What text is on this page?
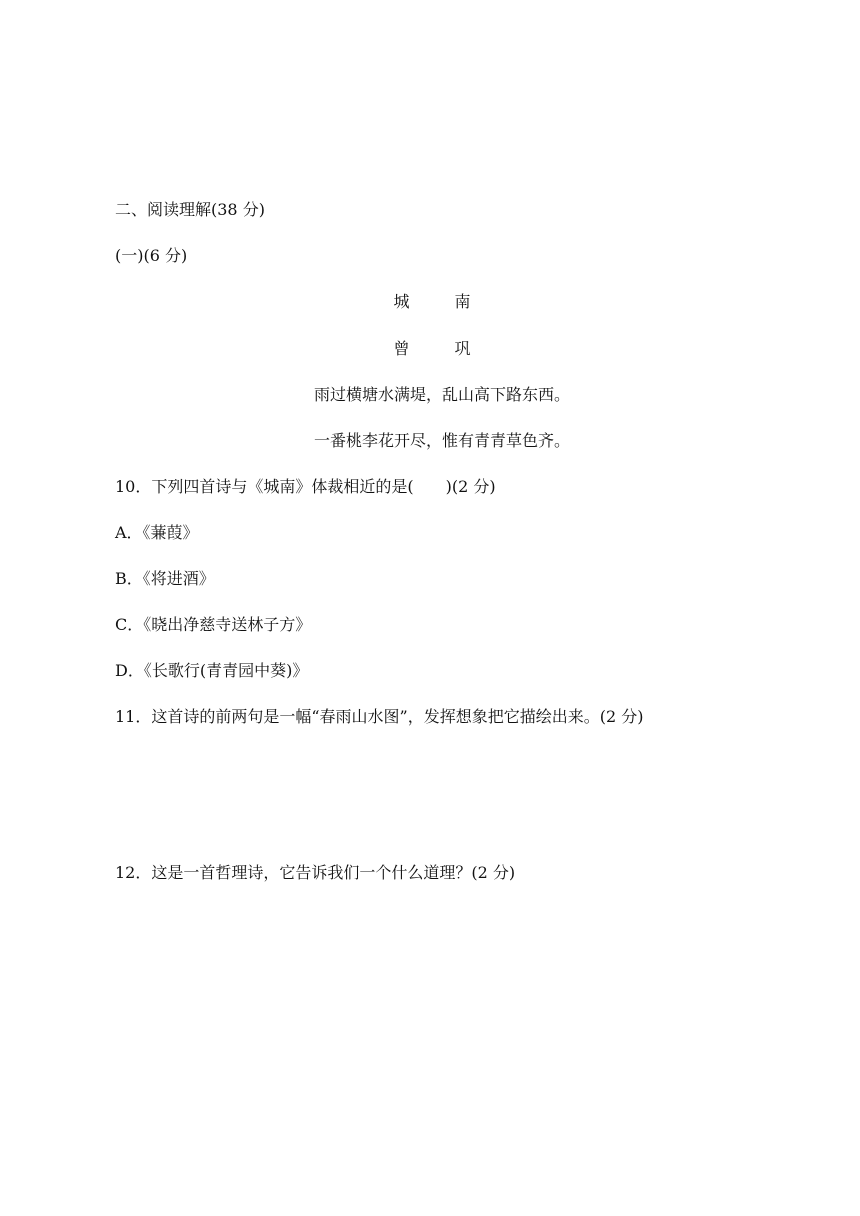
二、阅读理解(38 分)
(一)(6 分)
城 南
曾 巩
雨过横塘水满堤，乱山高下路东西。
一番桃李花开尽，惟有青青草色齐。
10．下列四首诗与《城南》体裁相近的是(　　)(2 分)
A．《蒹葭》
B．《将进酒》
C．《晓出净慈寺送林子方》
D．《长歌行(青青园中葵)》
11．这首诗的前两句是一幅“春雨山水图”，发挥想象把它描绘出来。(2 分)
12．这是一首哲理诗，它告诉我们一个什么道理？(2 分)
